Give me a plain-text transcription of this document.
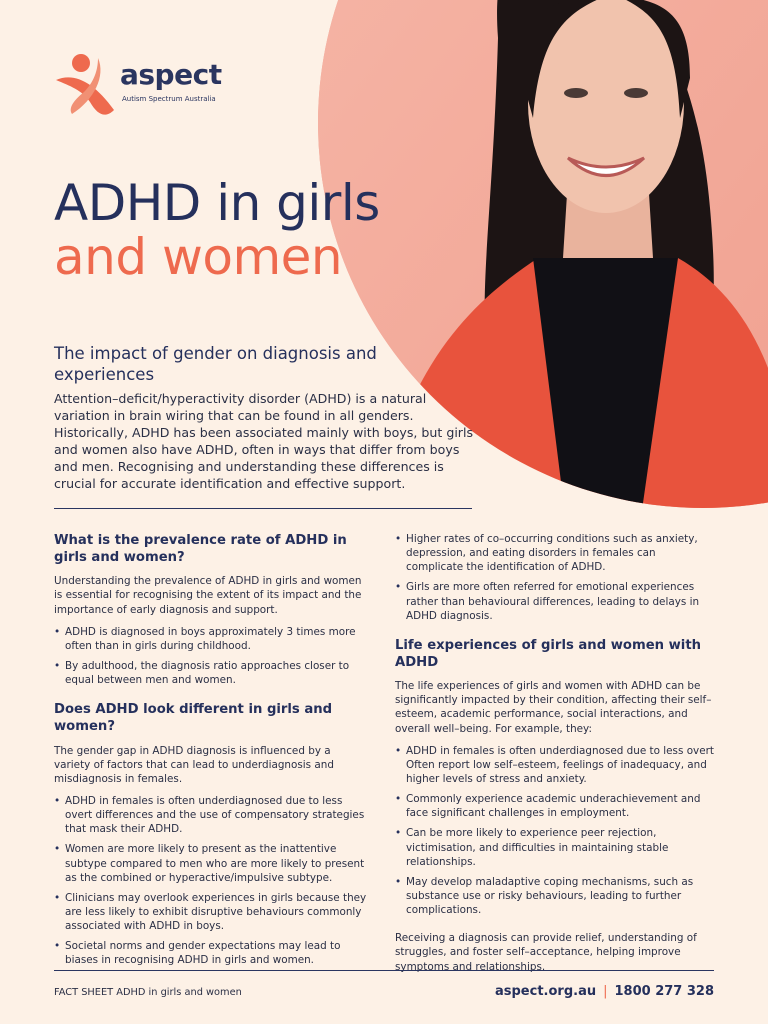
aspect
Autism Spectrum Australia
ADHD in girls
and women
The impact of gender on diagnosis and experiences

Attention–deficit/hyperactivity disorder (ADHD) is a natural variation in brain wiring that can be found in all genders. Historically, ADHD has been associated mainly with boys, but girls and women also have ADHD, often in ways that differ from boys and men. Recognising and understanding these differences is crucial for accurate identification and effective support.

What is the prevalence rate of ADHD in girls and women?

Understanding the prevalence of ADHD in girls and women is essential for recognising the extent of its impact and the importance of early diagnosis and support.

• ADHD is diagnosed in boys approximately 3 times more often than in girls during childhood.
• By adulthood, the diagnosis ratio approaches closer to equal between men and women.
Does ADHD look different in girls and women?

The gender gap in ADHD diagnosis is influenced by a variety of factors that can lead to underdiagnosis and misdiagnosis in females.

• ADHD in females is often underdiagnosed due to less overt differences and the use of compensatory strategies that mask their ADHD.
• Women are more likely to present as the inattentive subtype compared to men who are more likely to present as the combined or hyperactive/impulsive subtype.
• Clinicians may overlook experiences in girls because they are less likely to exhibit disruptive behaviours commonly associated with ADHD in boys.
• Societal norms and gender expectations may lead to biases in recognising ADHD in girls and women.
• Higher rates of co–occurring conditions such as anxiety, depression, and eating disorders in females can complicate the identification of ADHD.
• Girls are more often referred for emotional experiences rather than behavioural differences, leading to delays in ADHD diagnosis.
Life experiences of girls and women with ADHD

The life experiences of girls and women with ADHD can be significantly impacted by their condition, affecting their self–esteem, academic performance, social interactions, and overall well–being. For example, they:

• ADHD in females is often underdiagnosed due to less overt Often report low self–esteem, feelings of inadequacy, and higher levels of stress and anxiety.
• Commonly experience academic underachievement and face significant challenges in employment.
• Can be more likely to experience peer rejection, victimisation, and difficulties in maintaining stable relationships.
• May develop maladaptive coping mechanisms, such as substance use or risky behaviours, leading to further complications.

Receiving a diagnosis can provide relief, understanding of struggles, and foster self–acceptance, helping improve symptoms and relationships.

FACT SHEET ADHD in girls and women	aspect.org.au | 1800 277 328
